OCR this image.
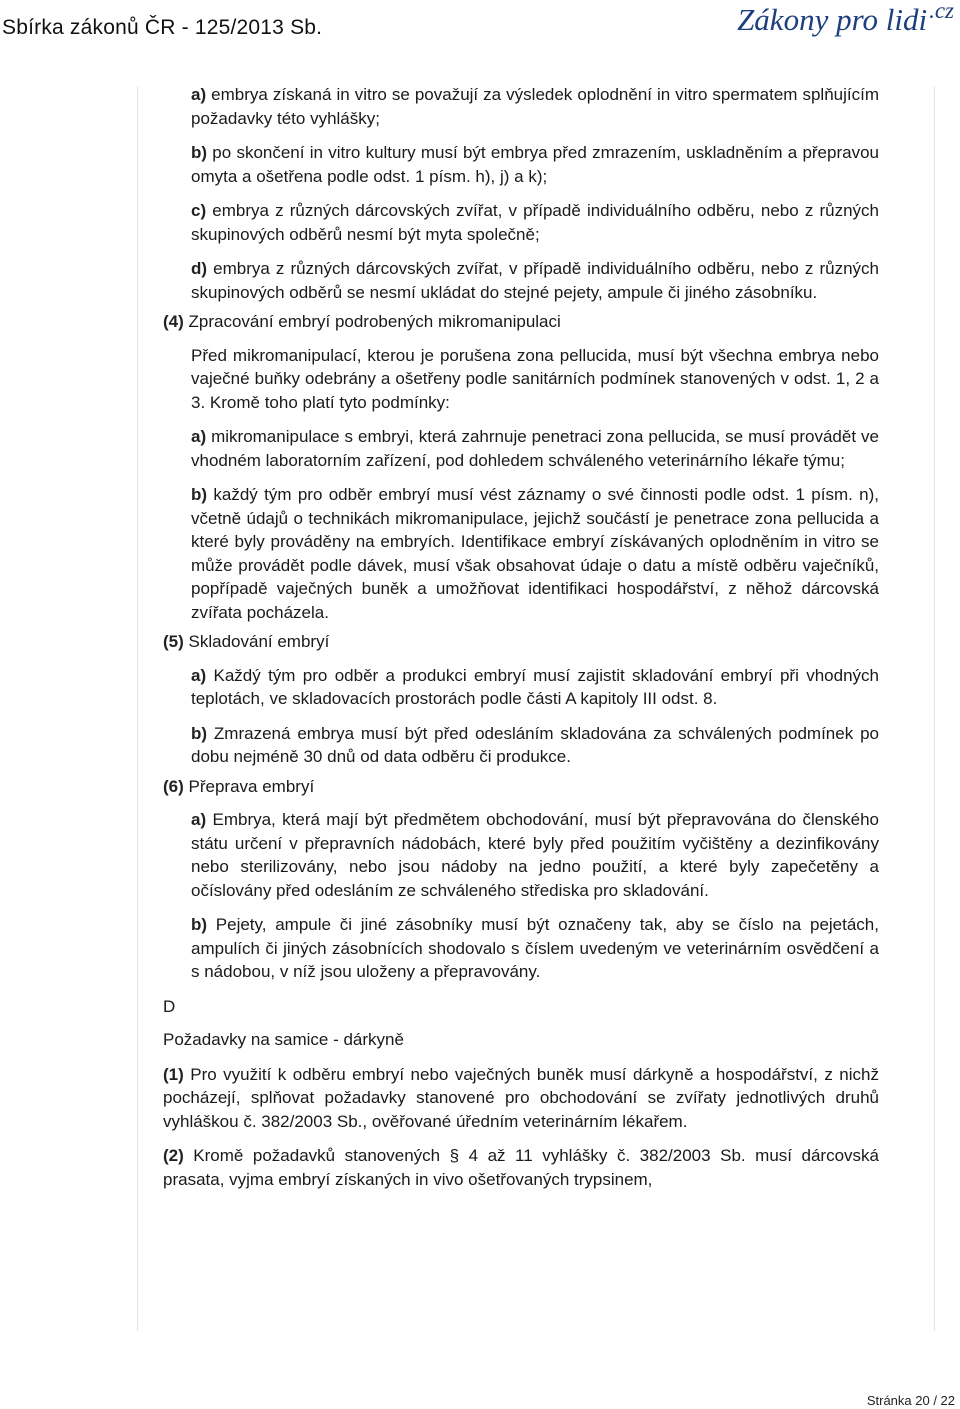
Sbírka zákonů ČR - 125/2013 Sb.	Zákony pro lidi$^{.cz}$

a) embrya získaná in vitro se považují za výsledek oplodnění in vitro spermatem splňujícím požadavky této vyhlášky;

b) po skončení in vitro kultury musí být embrya před zmrazením, uskladněním a přepravou omyta a ošetřena podle odst. 1 písm. h), j) a k);

c) embrya z různých dárcovských zvířat, v případě individuálního odběru, nebo z různých skupinových odběrů nesmí být myta společně;

d) embrya z různých dárcovských zvířat, v případě individuálního odběru, nebo z různých skupinových odběrů se nesmí ukládat do stejné pejety, ampule či jiného zásobníku.

(4) Zpracování embryí podrobených mikromanipulaci

Před mikromanipulací, kterou je porušena zona pellucida, musí být všechna embrya nebo vaječné buňky odebrány a ošetřeny podle sanitárních podmínek stanovených v odst. 1, 2 a 3. Kromě toho platí tyto podmínky:

a) mikromanipulace s embryi, která zahrnuje penetraci zona pellucida, se musí provádět ve vhodném laboratorním zařízení, pod dohledem schváleného veterinárního lékaře týmu;

b) každý tým pro odběr embryí musí vést záznamy o své činnosti podle odst. 1 písm. n), včetně údajů o technikách mikromanipulace, jejichž součástí je penetrace zona pellucida a které byly prováděny na embryích. Identifikace embryí získávaných oplodněním in vitro se může provádět podle dávek, musí však obsahovat údaje o datu a místě odběru vaječníků, popřípadě vaječných buněk a umožňovat identifikaci hospodářství, z něhož dárcovská zvířata pocházela.

(5) Skladování embryí

a) Každý tým pro odběr a produkci embryí musí zajistit skladování embryí při vhodných teplotách, ve skladovacích prostorách podle části A kapitoly III odst. 8.

b) Zmrazená embrya musí být před odesláním skladována za schválených podmínek po dobu nejméně 30 dnů od data odběru či produkce.

(6) Přeprava embryí

a) Embrya, která mají být předmětem obchodování, musí být přepravována do členského státu určení v přepravních nádobách, které byly před použitím vyčištěny a dezinfikovány nebo sterilizovány, nebo jsou nádoby na jedno použití, a které byly zapečetěny a očíslovány před odesláním ze schváleného střediska pro skladování.

b) Pejety, ampule či jiné zásobníky musí být označeny tak, aby se číslo na pejetách, ampulích či jiných zásobnících shodovalo s číslem uvedeným ve veterinárním osvědčení a s nádobou, v níž jsou uloženy a přepravovány.

D

Požadavky na samice - dárkyně

(1) Pro využití k odběru embryí nebo vaječných buněk musí dárkyně a hospodářství, z nichž pocházejí, splňovat požadavky stanovené pro obchodování se zvířaty jednotlivých druhů vyhláškou č. 382/2003 Sb., ověřované úředním veterinárním lékařem.

(2) Kromě požadavků stanovených § 4 až 11 vyhlášky č. 382/2003 Sb. musí dárcovská prasata, vyjma embryí získaných in vivo ošetřovaných trypsinem,

Stránka 20 / 22
